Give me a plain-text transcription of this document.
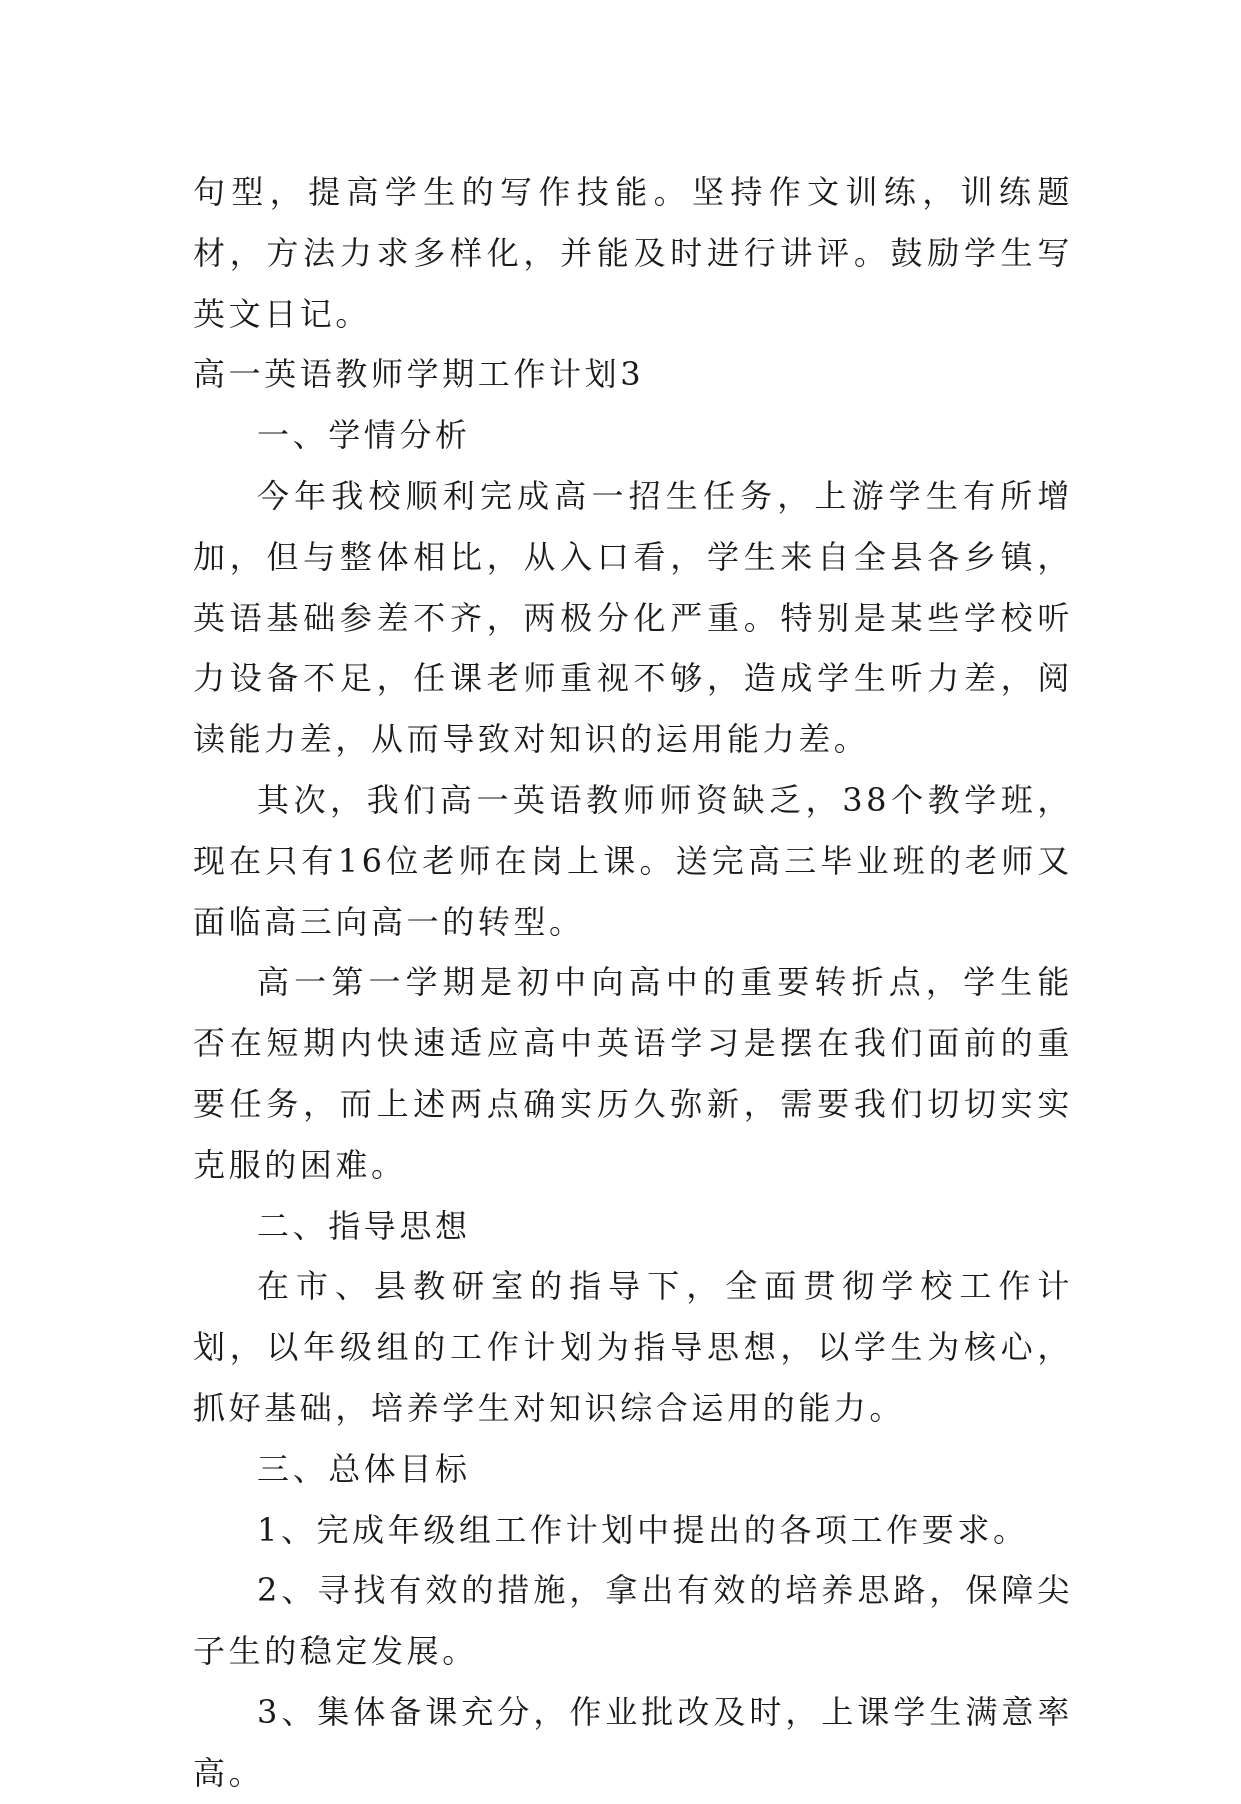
句型，提高学生的写作技能。坚持作文训练，训练题材，方法力求多样化，并能及时进行讲评。鼓励学生写英文日记。

高一英语教师学期工作计划3

一、学情分析

今年我校顺利完成高一招生任务，上游学生有所增加，但与整体相比，从入口看，学生来自全县各乡镇，英语基础参差不齐，两极分化严重。特别是某些学校听力设备不足，任课老师重视不够，造成学生听力差，阅读能力差，从而导致对知识的运用能力差。

其次，我们高一英语教师师资缺乏，38个教学班，现在只有16位老师在岗上课。送完高三毕业班的老师又面临高三向高一的转型。

高一第一学期是初中向高中的重要转折点，学生能否在短期内快速适应高中英语学习是摆在我们面前的重要任务，而上述两点确实历久弥新，需要我们切切实实克服的困难。

二、指导思想

在市、县教研室的指导下，全面贯彻学校工作计划，以年级组的工作计划为指导思想，以学生为核心，抓好基础，培养学生对知识综合运用的能力。

三、总体目标

1、完成年级组工作计划中提出的各项工作要求。

2、寻找有效的措施，拿出有效的培养思路，保障尖子生的稳定发展。

3、集体备课充分，作业批改及时，上课学生满意率高。
